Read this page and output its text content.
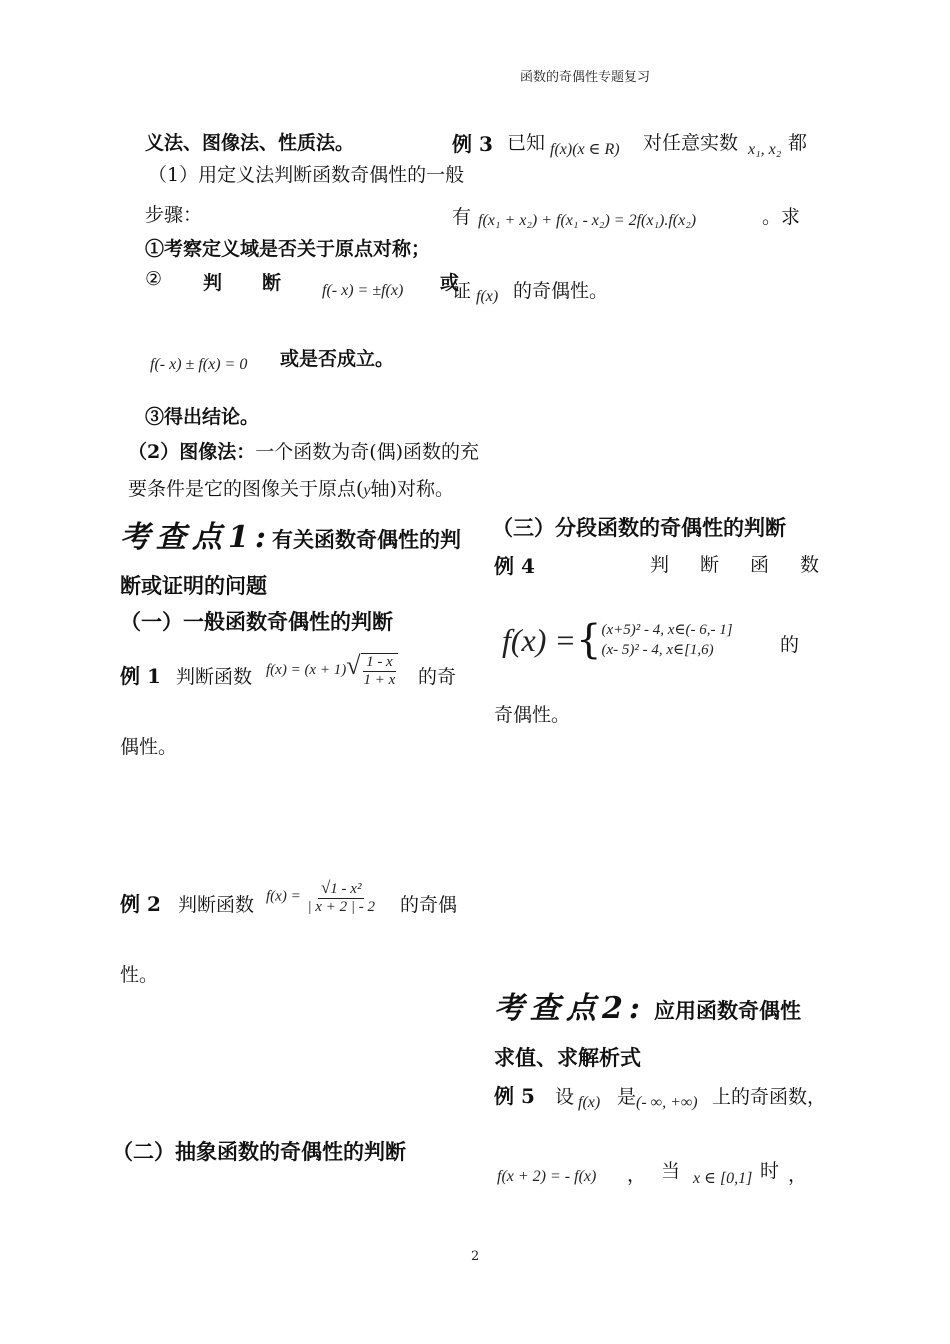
函数的奇偶性专题复习
义法、图像法、性质法。
（1）用定义法判断函数奇偶性的一般
步骤：
①考察定义域是否关于原点对称；
② 判 断	f(- x) = ±f(x) 或
f(- x) ± f(x) = 0 或是否成立。
③得出结论。
（2）图像法：一个函数为奇(偶)函数的充
要条件是它的图像关于原点(y轴)对称。
考查点1:有关函数奇偶性的判
断或证明的问题
（一）一般函数奇偶性的判断
例 1 判断函数 $f(x) = (x + 1)√ \frac{1 - x}{1 + x}$ 的奇
偶性。
例 2 判断函数 $f(x) = \frac{\text{√1 - x²}}{| x + 2 | - 2}$ 的奇偶
性。
（二）抽象函数的奇偶性的判断
例 3 已知 f(x)(x ∈ R) 对任意实数 x₁, x₂ 都
有 f(x₁ + x₂) + f(x₁ - x₂) = 2f(x₁).f(x₂)	。求
证 f(x) 的奇偶性。
（三）分段函数的奇偶性的判断
例 4	判　断　函　数
f(x) = { (x+5)² - 4, x∈(- 6,- 1]
(x- 5)² - 4, x∈[1,6)	的
奇偶性。
考查点2: 应用函数奇偶性
求值、求解析式
例 5 设 f(x) 是 (- ∞, +∞) 上的奇函数，
f(x + 2) = - f(x) ， 当 x ∈ [0,1] 时 ，
2
